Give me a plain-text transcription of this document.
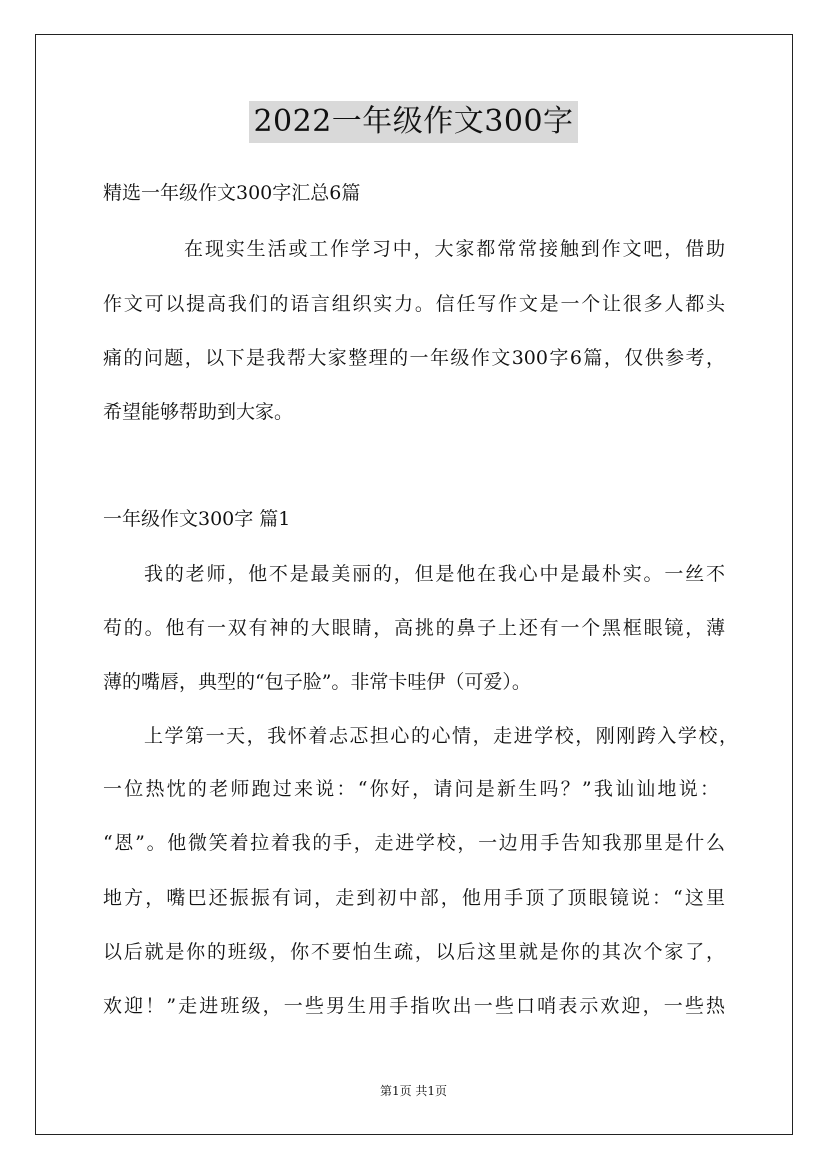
2022一年级作文300字
精选一年级作文300字汇总6篇
在现实生活或工作学习中，大家都常常接触到作文吧，借助
作文可以提高我们的语言组织实力。信任写作文是一个让很多人都头
痛的问题，以下是我帮大家整理的一年级作文300字6篇，仅供参考，
希望能够帮助到大家。
一年级作文300字 篇1
我的老师，他不是最美丽的，但是他在我心中是最朴实。一丝不
苟的。他有一双有神的大眼睛，高挑的鼻子上还有一个黑框眼镜，薄
薄的嘴唇，典型的“包子脸”。非常卡哇伊（可爱）。
上学第一天，我怀着忐忑担心的心情，走进学校，刚刚跨入学校，
一位热忱的老师跑过来说：“你好，请问是新生吗？”我讪讪地说：
“恩”。他微笑着拉着我的手，走进学校，一边用手告知我那里是什么
地方，嘴巴还振振有词，走到初中部，他用手顶了顶眼镜说：“这里
以后就是你的班级，你不要怕生疏，以后这里就是你的其次个家了，
欢迎！”走进班级，一些男生用手指吹出一些口哨表示欢迎，一些热
第1页 共1页
